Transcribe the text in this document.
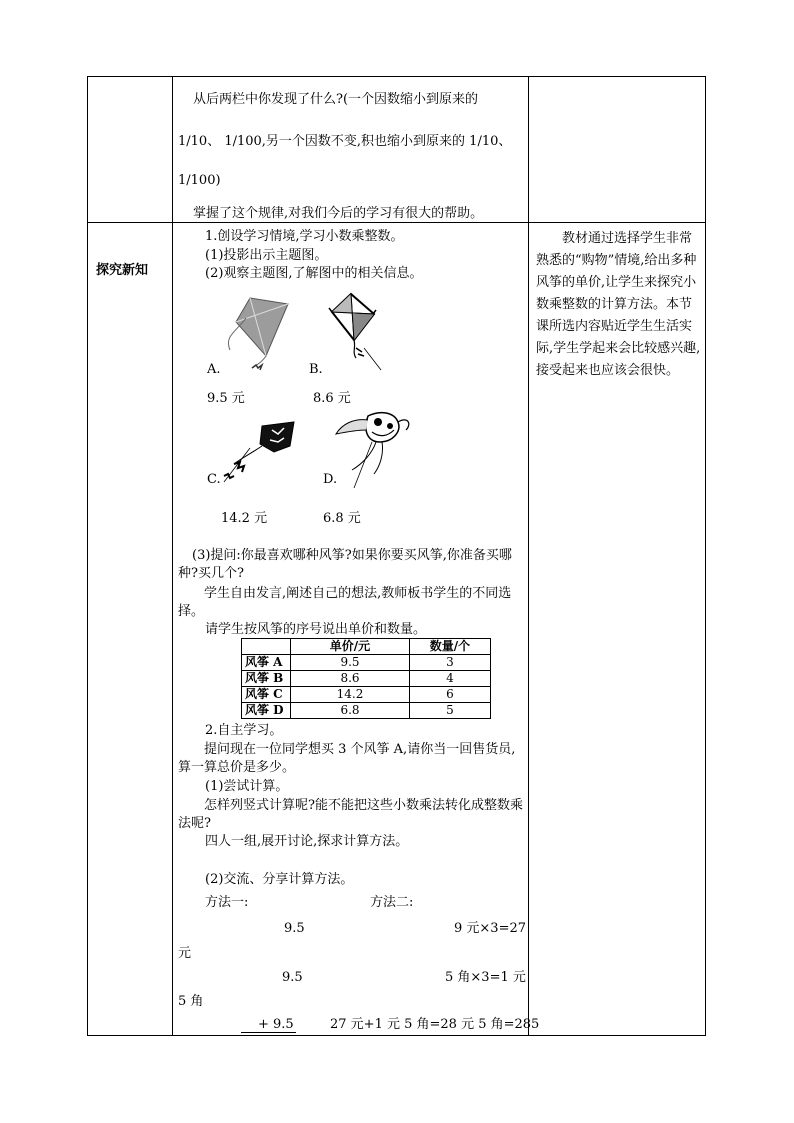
从后两栏中你发现了什么?(一个因数缩小到原来的
1/10、 1/100,另一个因数不变,积也缩小到原来的 1/10、
1/100)
掌握了这个规律,对我们今后的学习有很大的帮助。
探究新知
教材通过选择学生非常熟悉的“购物”情境,给出多种风筝的单价,让学生来探究小数乘整数的计算方法。本节课所选内容贴近学生生活实际,学生学起来会比较感兴趣,接受起来也应该会很快。
1.创设学习情境,学习小数乘整数。
(1)投影出示主题图。
(2)观察主题图,了解图中的相关信息。
A.	B.
9.5 元	8.6 元
C.	D.
14.2 元	6.8 元
(3)提问:你最喜欢哪种风筝?如果你要买风筝,你准备买哪种?买几个?
学生自由发言,阐述自己的想法,教师板书学生的不同选择。
请学生按风筝的序号说出单价和数量。
	单价/元	数量/个
风筝 A	9.5	3
风筝 B	8.6	4
风筝 C	14.2	6
风筝 D	6.8	5
2.自主学习。
提问现在一位同学想买 3 个风筝 A,请你当一回售货员,算一算总价是多少。
(1)尝试计算。
怎样列竖式计算呢?能不能把这些小数乘法转化成整数乘法呢?
四人一组,展开讨论,探求计算方法。
(2)交流、分享计算方法。
方法一:	方法二:
9.5	9 元×3=27
元
9.5	5 角×3=1 元
5 角
+ 9.5	27 元+1 元 5 角=28 元 5 角=285
